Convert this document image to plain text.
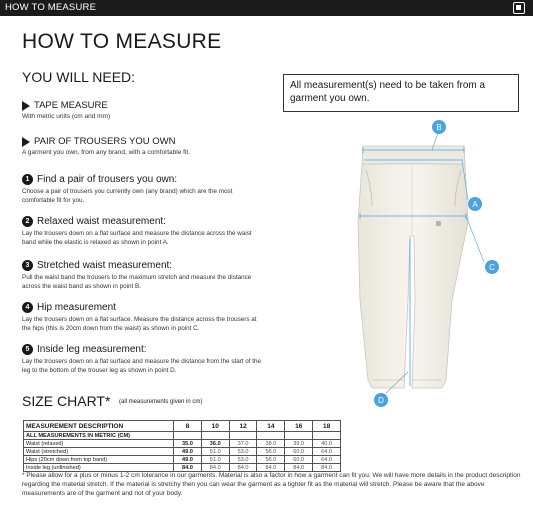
HOW TO MEASURE
HOW TO MEASURE
YOU WILL NEED:
TAPE MEASURE
With metric units (cm and mm)
PAIR OF TROUSERS YOU OWN
A garment you own, from any brand, with a comfortable fit.
1 Find a pair of trousers you own:
Choose a pair of trousers you currently own (any brand) which are the most comfortable fit for you.
2 Relaxed waist measurement:
Lay the trousers down on a flat surface and measure the distance across the waist band while the elastic is relaxed as shown in point A.
3 Stretched waist measurement:
Pull the waist band the trousers to the maximum stretch and measure the distance across the waist band as shown in point B.
4 Hip measurement
Lay the trousers down on a flat surface. Measure the distance across the trousers at the hips (this is 20cm down from the waist) as shown in point C.
5 Inside leg measurement:
Lay the trousers down on a flat surface and measure the distance from the start of the leg to the bottom of the trouser leg as shown in point D.
All measurement(s) need to be taken from a garment you own.
B
A
C
D
SIZE CHART* (all measurements given in cm)
MEASUREMENT DESCRIPTION	8	10	12	14	16	18
ALL MEASUREMENTS IN METRIC (CM)						
Waist (relaxed)	35.0	36.0	37.0	38.0	39.0	40.0
Waist (stretched)	49.0	51.0	53.0	56.0	60.0	64.0
Hips (20cm down from top band)	49.0	51.0	53.0	56.0	60.0	64.0
Inside leg (unfinished)	84.0	84.0	84.0	84.0	84.0	84.0
* Please allow for a plus or minus 1-2 cm tolerance in our garments. Material is also a factor in how a garment can fit you. We will have more details in the product description regarding the material stretch. If the material is stretchy then you can wear the garment as a tighter fit as the material will stretch. Please be aware that the above measurements are of the garment and not of your body.
